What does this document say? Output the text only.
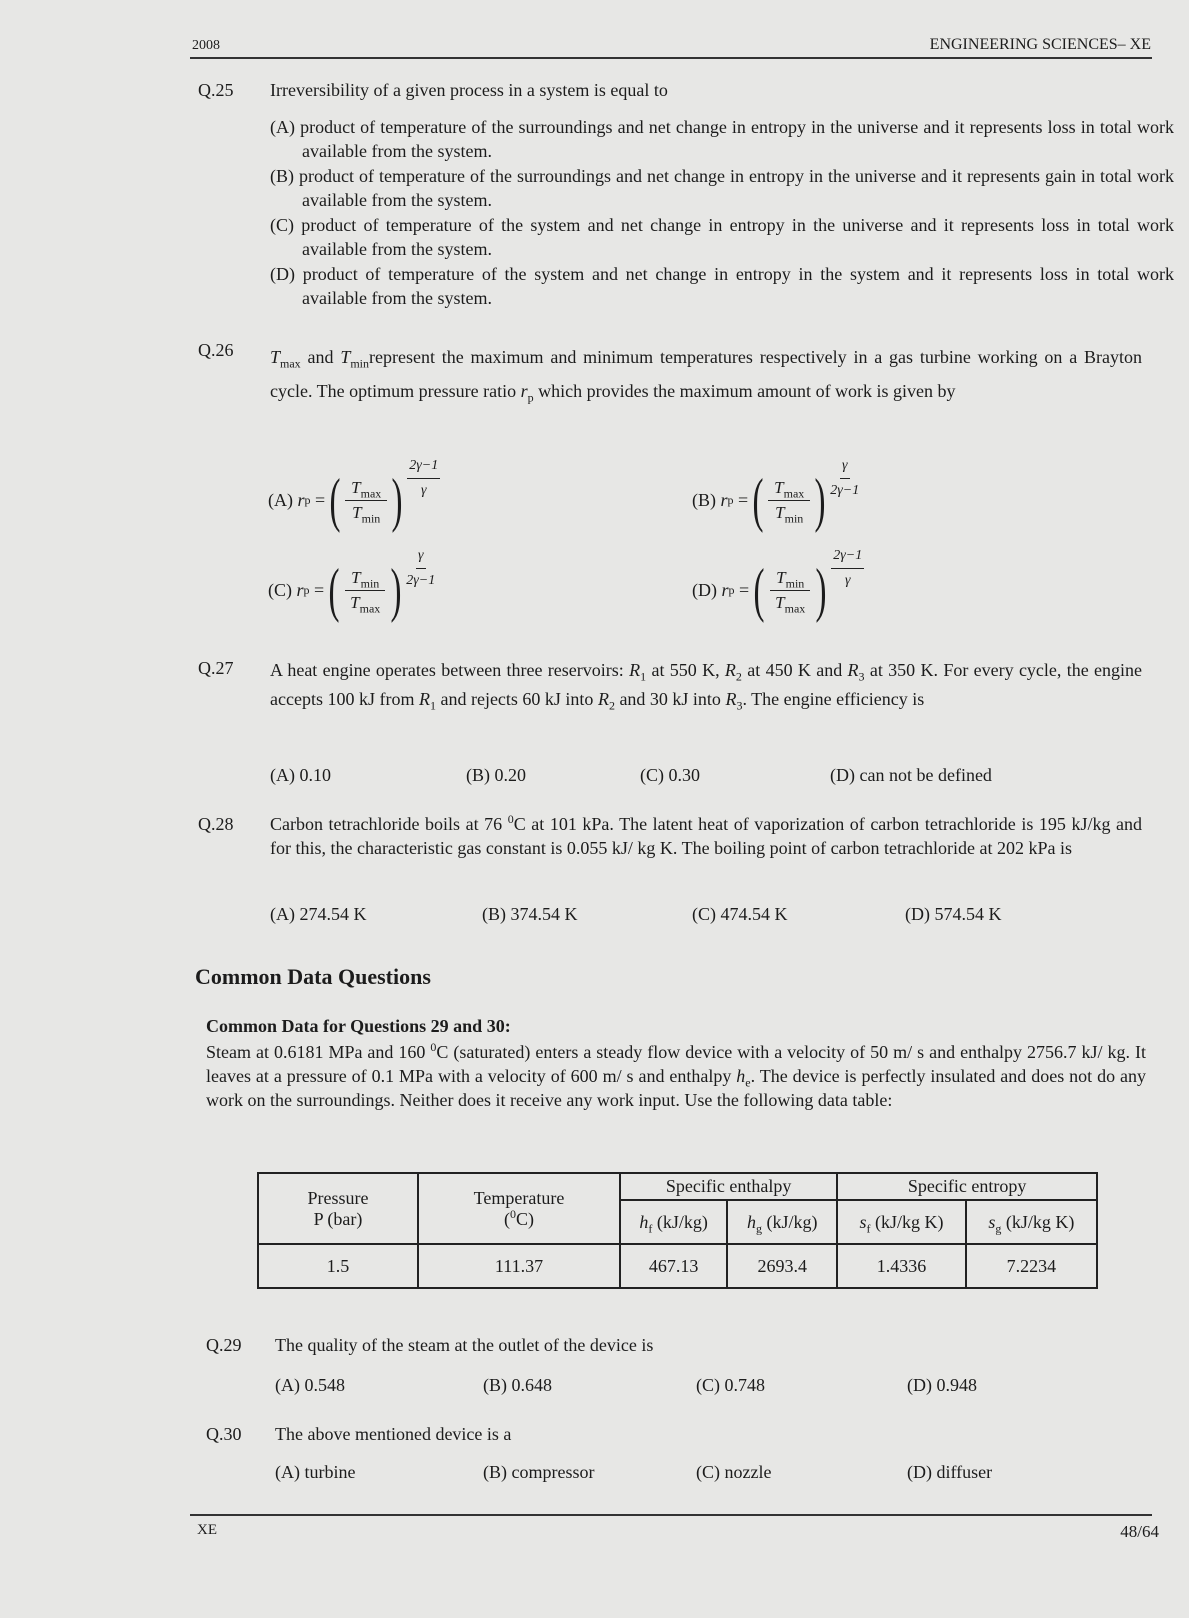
2008	ENGINEERING SCIENCES– XE
Q.25 Irreversibility of a given process in a system is equal to
(A) product of temperature of the surroundings and net change in entropy in the universe and it represents loss in total work available from the system.
(B) product of temperature of the surroundings and net change in entropy in the universe and it represents gain in total work available from the system.
(C) product of temperature of the system and net change in entropy in the universe and it represents loss in total work available from the system.
(D) product of temperature of the system and net change in entropy in the system and it represents loss in total work available from the system.
Q.26 $T_{max}$ and $T_{min}represent$ the maximum and minimum temperatures respectively in a gas turbine working on a Brayton cycle. The optimum pressure ratio $r_p$ which provides the maximum amount of work is given by
(A)
r p
= ( $\frac{T_{max}}{T_{min}}$ )
2γ−1
γ	(B)
r p
= ( $\frac{T_{max}}{T_{min}}$ )
γ
2γ−1
(C)
r p
= ( $\frac{T_{min}}{T_{max}}$ )
γ
2γ−1	(D)
r p
= ( $\frac{T_{min}}{T_{max}}$ )
2γ−1
γ
Q.27 A heat engine operates between three reservoirs: $R_1$ at 550 K, $R_2$ at 450 K and $R_3$ at 350 K. For every cycle, the engine accepts 100 kJ from $R_1$ and rejects 60 kJ into $R_2$ and 30 kJ into $R_3$. The engine efficiency is
(A) 0.10	(B) 0.20	(C) 0.30	(D) can not be defined
Q.28 Carbon tetrachloride boils at 76 $^0$C at 101 kPa. The latent heat of vaporization of carbon tetrachloride is 195 kJ/kg and for this, the characteristic gas constant is 0.055 kJ/ kg K. The boiling point of carbon tetrachloride at 202 kPa is
(A) 274.54 K	(B) 374.54 K	(C) 474.54 K	(D) 574.54 K
Common Data Questions
Common Data for Questions 29 and 30:
Steam at 0.6181 MPa and 160 $^0$C (saturated) enters a steady flow device with a velocity of 50 m/ s and enthalpy 2756.7 kJ/ kg. It leaves at a pressure of 0.1 MPa with a velocity of 600 m/ s and enthalpy $h_e$. The device is perfectly insulated and does not do any work on the surroundings. Neither does it receive any work input. Use the following data table:
Pressure
P (bar)	Temperature
($^0$C)	Specific enthalpy		Specific entropy	
		$h_f$ (kJ/kg)	$h_g$ (kJ/kg)	$s_f$ (kJ/kg K)	$s_g$ (kJ/kg K)
1.5	111.37	467.13	2693.4	1.4336	7.2234
Q.29 The quality of the steam at the outlet of the device is
(A) 0.548	(B) 0.648	(C) 0.748	(D) 0.948
Q.30 The above mentioned device is a
(A) turbine	(B) compressor	(C) nozzle	(D) diffuser
XE	48/64
